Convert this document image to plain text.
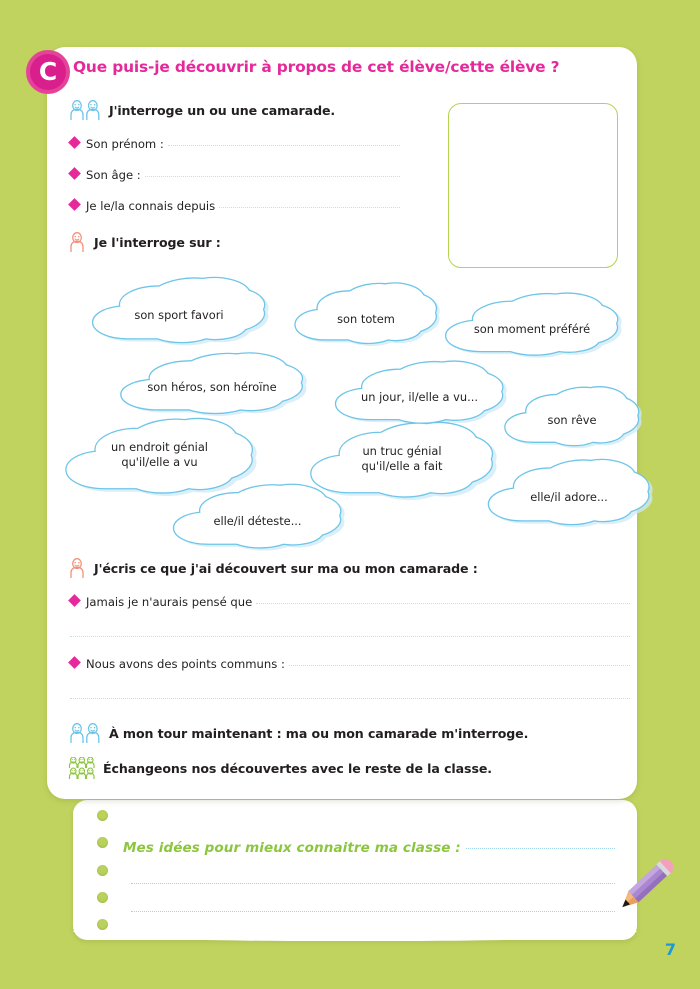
Mes idées pour mieux connaitre ma classe :
C Que puis-je découvrir à propos de cet élève/cette élève ?
J'interroge un ou une camarade.
Son prénom :
Son âge :
Je le/la connais depuis
Je l'interroge sur :
son sport favori	son totem
son moment préféré
son héros, son héroïne
un jour, il/elle a vu...
son rêve
un endroit génial
qu'il/elle a vu
un truc génial
qu'il/elle a fait
elle/il adore...
elle/il déteste...
J'écris ce que j'ai découvert sur ma ou mon camarade :
Jamais je n'aurais pensé que
Nous avons des points communs :
À mon tour maintenant : ma ou mon camarade m'interroge.
Échangeons nos découvertes avec le reste de la classe.
7
